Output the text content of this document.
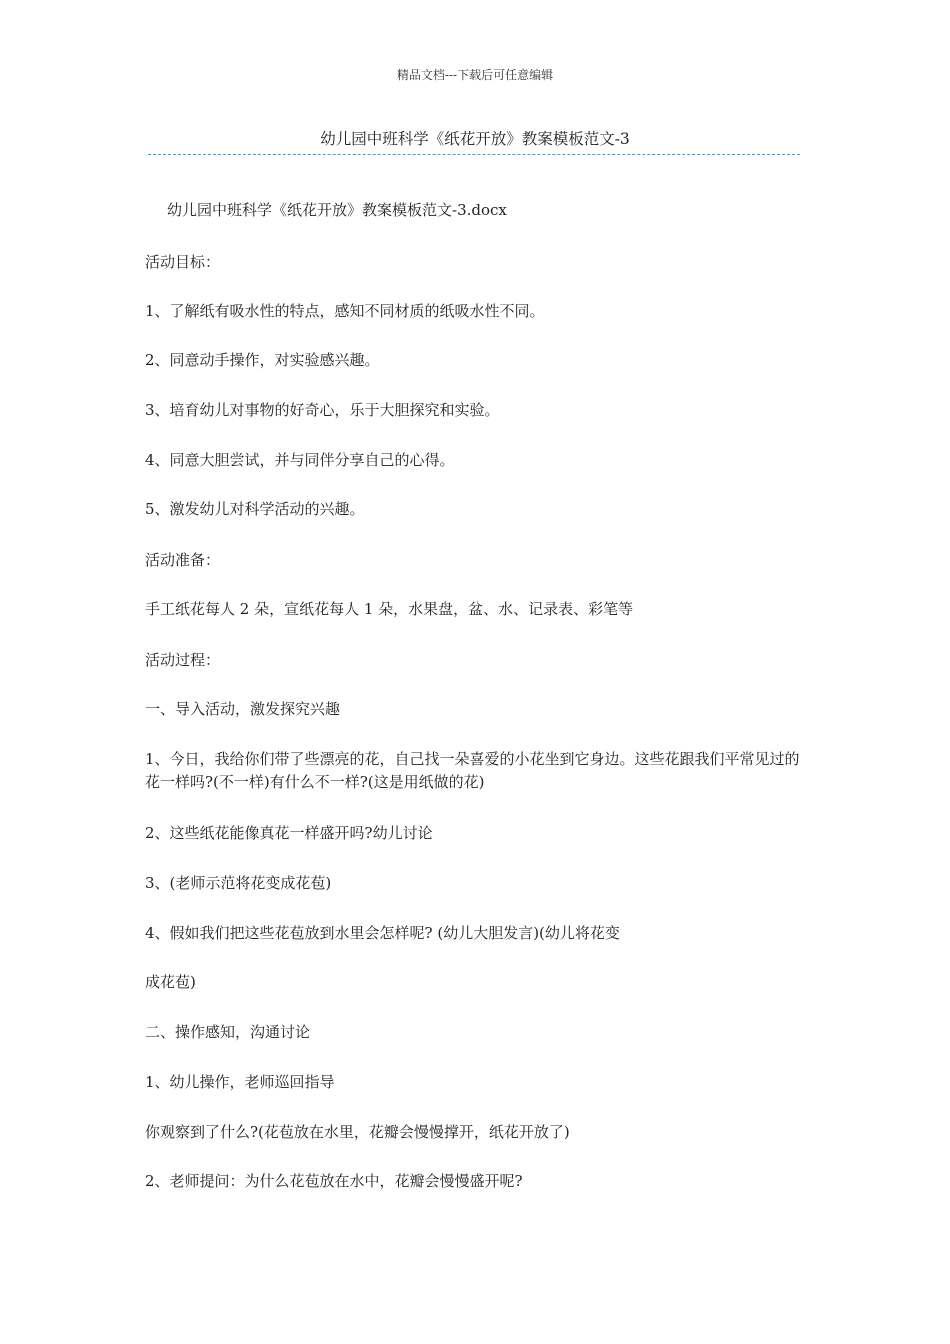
精品文档---下载后可任意编辑
幼儿园中班科学《纸花开放》教案模板范文-3
幼儿园中班科学《纸花开放》教案模板范文-3.docx
活动目标：
1、了解纸有吸水性的特点，感知不同材质的纸吸水性不同。
2、同意动手操作，对实验感兴趣。
3、培育幼儿对事物的好奇心，乐于大胆探究和实验。
4、同意大胆尝试，并与同伴分享自己的心得。
5、激发幼儿对科学活动的兴趣。
活动准备：
手工纸花每人 2 朵，宣纸花每人 1 朵，水果盘，盆、水、记录表、彩笔等
活动过程：
一、导入活动，激发探究兴趣
1、今日，我给你们带了些漂亮的花，自己找一朵喜爱的小花坐到它身边。这些花跟我们平常见过的花一样吗?(不一样)有什么不一样?(这是用纸做的花)
2、这些纸花能像真花一样盛开吗?幼儿讨论
3、(老师示范将花变成花苞)
4、假如我们把这些花苞放到水里会怎样呢? (幼儿大胆发言)(幼儿将花变
成花苞)
二、操作感知，沟通讨论
1、幼儿操作，老师巡回指导
你观察到了什么?(花苞放在水里，花瓣会慢慢撑开，纸花开放了)
2、老师提问：为什么花苞放在水中，花瓣会慢慢盛开呢?
